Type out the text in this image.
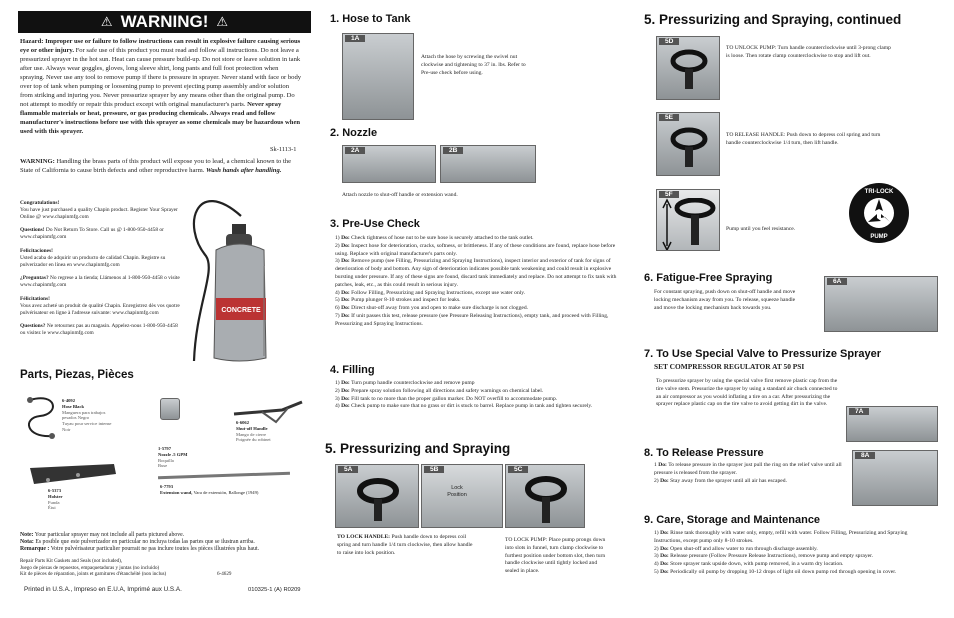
⚠ WARNING! ⚠
Hazard: Improper use or failure to follow instructions can result in explosive failure causing serious eye or other injury. For safe use of this product you must read and follow all instructions. Do not leave a pressurized sprayer in the hot sun. Heat can cause pressure build-up. Do not store or leave solution in tank after use. Always wear goggles, gloves, long sleeve shirt, long pants and full foot protection when spraying. Never use any tool to remove pump if there is pressure in sprayer. Never stand with face or body over top of tank when pumping or loosening pump to prevent ejecting pump assembly and/or solution from striking and injuring you. Never pressurize sprayer by any means other than the original pump. Do not attempt to modify or repair this product except with original manufacturer's parts. Never spray flammable materials or heat, pressure, or gas producing chemicals. Always read and follow manufacturer's instructions before use with this sprayer as some chemicals may be hazardous when used with this sprayer.
Sk-1113-1
WARNING: Handling the brass parts of this product will expose you to lead, a chemical known to the State of California to cause birth defects and other reproductive harm. Wash hands after handling.
Congratulations!
You have just purchased a quality Chapin product. Register Your Sprayer Online @ www.chapinmfg.com
Questions! Do Not Return To Store. Call us @ 1-800-950-4458 or www.chapinmfg.com
Felicitaciones!
Usted acaba de adquirir un producto de calidad Chapin. Registre su pulverizador en línea en www.chapinmfg.com
¿Preguntas? No regrese a la tienda; Llámenos al 1-800-950-4458 o visite www.chapinmfg.com
Félicitations!
Vous avez acheté un produit de qualité Chapin. Enregistrez dès vos quotre pulvérisateur en ligne à l'adresse suivante: www.chapinmfg.com
Questions? Ne retournez pas au magasin. Appelez-nous 1-800-950-4458 ou visitez le www.chapinmfg.com
CONCRETE
Parts, Piezas, Pièces
6-4092
Hose Black
Manguera para trabajos pesados Negro
Tuyau pour service intense Noir
1-5797
Nozzle .5 GPM
Boquilla
Buse
6-6062
Shut-off Handle
Mango de cierre
Poignée du robinet
6-5373
Holster
Funda
Étui
6-7793
Extension wand, Vara de extensión, Rallonge (1949)
Note: Your particular sprayer may not include all parts pictured above.
Nota: Es posible que este pulverizador en particular no incluya todas las partes que se ilustran arriba.
Remarque : Votre pulvérisateur particulier pourrait ne pas inclure toutes les pièces illustrées plus haut.
Repair Parts Kit Gaskets and Seals (not included),
Juego de piezas de repuestos, empaquetaduras y juntas (no incluido)
Kit de pièces de réparation, joints et garnitures d'étanchéité (non inclus)	6-4629
Printed in U.S.A., Impreso en E.U.A, Imprimé aux U.S.A.	010325-1 (A) R0209
1. Hose to Tank
1A
Attach the hose by screwing the swivel nut clockwise and tightening to 37 in. lbs. Refer to Pre-use check before using.
2. Nozzle
2A	2B
Attach nozzle to shut-off handle or extension wand.
3. Pre-Use Check
1) Do: Check tightness of hose nut to be sure hose is securely attached to the tank outlet.
2) Do: Inspect hose for deterioration, cracks, softness, or brittleness. If any of these conditions are found, replace hose before using. Replace with original manufacturer's parts only.
3) Do: Remove pump (see Filling, Pressurizing and Spraying Instructions), inspect interior and exterior of tank for signs of deterioration of body and bottom. Any sign of deterioration indicates possible tank weakening and could result in explosive bursting under pressure. If any of these signs are found, discard tank immediately and replace. Do not attempt to fix tank with patches, leak, etc., as this could result in serious injury.
4) Do: Follow Filling, Pressurizing and Spraying Instructions, except use water only.
5) Do: Pump plunger 8-10 strokes and inspect for leaks.
6) Do: Direct shut-off away from you and open to make sure discharge is not clogged.
7) Do: If unit passes this test, release pressure (see Pressure Releasing Instructions), empty tank, and proceed with Filling, Pressurizing and Spraying Instructions.
4. Filling
1) Do: Turn pump handle counterclockwise and remove pump
2) Do: Prepare spray solution following all directions and safety warnings on chemical label.
3) Do: Fill tank to no more than the proper gallon marker. Do NOT overfill to accommodate pump.
4) Do: Check pump to make sure that no grass or dirt is stuck to barrel. Replace pump in tank and tighten securely.
5. Pressurizing and Spraying
5A	5B
Lock Position
5C
TO LOCK HANDLE: Push handle down to depress coil spring and turn handle 1/4 turn clockwise, then allow handle to raise into lock position.
TO LOCK PUMP: Place pump prongs down into slots in funnel, turn clamp clockwise to furthest position under bottom slot, then turn handle clockwise until tightly locked and sealed in place.
5. Pressurizing and Spraying, continued
5D
TO UNLOCK PUMP: Turn handle counterclockwise until 3-prong clamp is loose. Then rotate clamp counterclockwise to stop and lift out.
5E
TO RELEASE HANDLE: Push down to depress coil spring and turn handle counterclockwise 1/4 turn, then lift handle.
5F
Pump until you feel resistance.
TRI-LOCK
PUMP
6. Fatigue-Free Spraying
For constant spraying, push down on shut-off handle and move locking mechanism away from you. To release, squeeze handle and move the locking mechanism back towards you.
6A
7. To Use Special Valve to Pressurize Sprayer
SET COMPRESSOR REGULATOR AT 50 PSI
To pressurize sprayer by using the special valve first remove plastic cap from the tire valve stem. Pressurize the sprayer by using a standard air chuck connected to an air compressor as you would inflating a tire on a car. After pressurizing the sprayer replace plastic cap on the tire valve to avoid getting dirt in the valve.
7A
8. To Release Pressure	8A
1 Do: To release pressure in the sprayer just pull the ring on the relief valve until all pressure is released from the sprayer.
2) Do: Stay away from the sprayer until all air has escaped.
9. Care, Storage and Maintenance
1) Do: Rinse tank thoroughly with water only, empty, refill with water. Follow Filling, Pressurizing and Spraying Instructions, except pump only 8-10 strokes.
2) Do: Open shut-off and allow water to run through discharge assembly.
3) Do: Release pressure (Follow Pressure Release Instructions), remove pump and empty sprayer.
4) Do: Store sprayer tank upside down, with pump removed, in a warm dry location.
5) Do: Periodically oil pump by dropping 10-12 drops of light oil down pump rod through opening in cover.
